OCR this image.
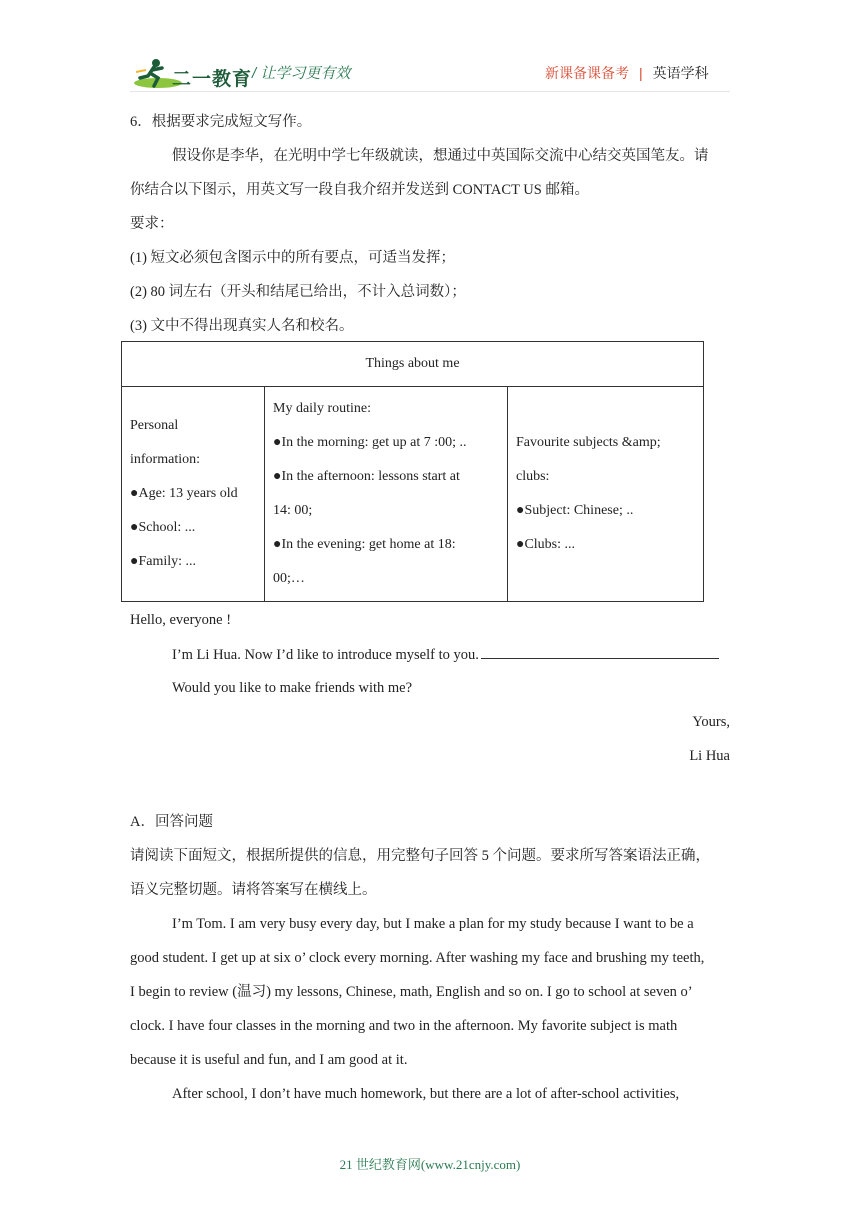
二一教育 / 让学习更有效	新课备课备考 | 英语学科
6．根据要求完成短文写作。
假设你是李华，在光明中学七年级就读，想通过中英国际交流中心结交英国笔友。请
你结合以下图示，用英文写一段自我介绍并发送到 CONTACT US 邮箱。
要求：
(1) 短文必须包含图示中的所有要点，可适当发挥；
(2) 80 词左右（开头和结尾已给出，不计入总词数）；
(3) 文中不得出现真实人名和校名。
Things about me

Personal
information:
●Age: 13 years old
●School: ...
●Family: ...

My daily routine:
●In the morning: get up at 7 :00; ..
●In the afternoon: lessons start at
14: 00;
●In the evening: get home at 18:
00;…

Favourite subjects &amp;
clubs:
●Subject: Chinese; ..
●Clubs: ...
Hello, everyone !
I’m Li Hua. Now I’d like to introduce myself to you.
Would you like to make friends with me?
Yours,
Li Hua
A．回答问题
请阅读下面短文，根据所提供的信息，用完整句子回答 5 个问题。要求所写答案语法正确，
语义完整切题。请将答案写在横线上。
I’m Tom. I am very busy every day, but I make a plan for my study because I want to be a
good student. I get up at six o’ clock every morning. After washing my face and brushing my teeth,
I begin to review (温习) my lessons, Chinese, math, English and so on. I go to school at seven o’
clock. I have four classes in the morning and two in the afternoon. My favorite subject is math
because it is useful and fun, and I am good at it.
After school, I don’t have much homework, but there are a lot of after-school activities,
21 世纪教育网(www.21cnjy.com)
